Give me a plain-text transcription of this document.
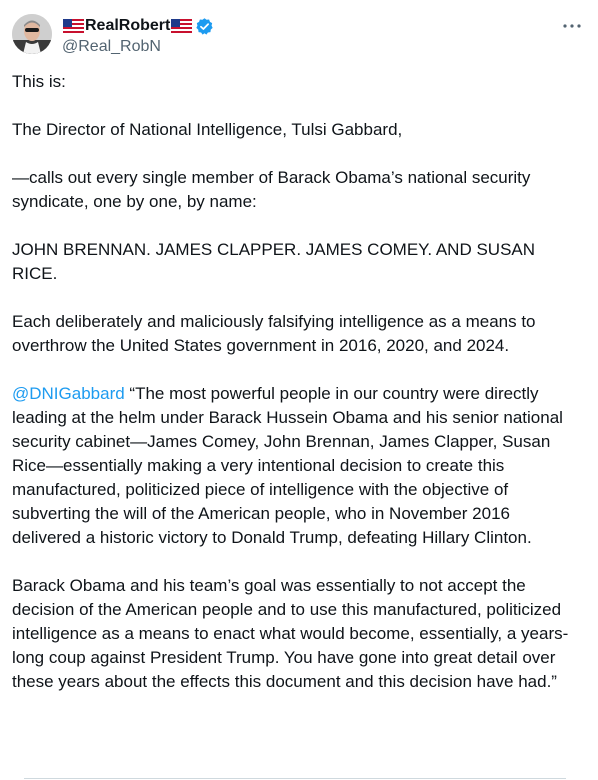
RealRobert
@Real_RobN

This is:

The Director of National Intelligence, Tulsi Gabbard,

—calls out every single member of Barack Obama’s national security syndicate, one by one, by name:

JOHN BRENNAN. JAMES CLAPPER. JAMES COMEY. AND SUSAN RICE.

Each deliberately and maliciously falsifying intelligence as a means to overthrow the United States government in 2016, 2020, and 2024.

@DNIGabbard “The most powerful people in our country were directly leading at the helm under Barack Hussein Obama and his senior national security cabinet—James Comey, John Brennan, James Clapper, Susan Rice—essentially making a very intentional decision to create this manufactured, politicized piece of intelligence with the objective of subverting the will of the American people, who in November 2016 delivered a historic victory to Donald Trump, defeating Hillary Clinton.

Barack Obama and his team’s goal was essentially to not accept the decision of the American people and to use this manufactured, politicized intelligence as a means to enact what would become, essentially, a years-long coup against President Trump. You have gone into great detail over these years about the effects this document and this decision have had.”
